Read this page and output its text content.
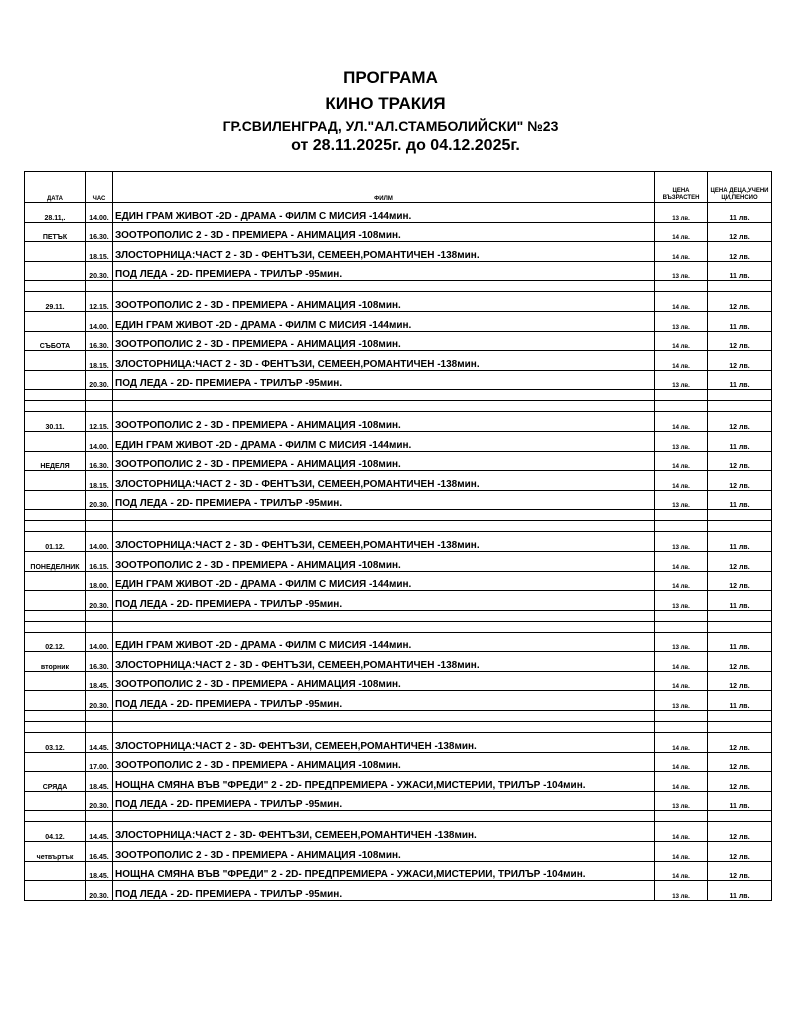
ПРОГРАМА
КИНО ТРАКИЯ
ГР.СВИЛЕНГРАД, УЛ."АЛ.СТАМБОЛИЙСКИ" №23
от 28.11.2025г. до 04.12.2025г.
ДАТА	ЧАС	ФИЛМ	ЦЕНА ВЪЗРАСТЕН	ЦЕНА ДЕЦА,УЧЕНИ ЦИ,ПЕНСИО
28.11,.	14.00.	ЕДИН ГРАМ ЖИВОТ -2D - ДРАМА - ФИЛМ С МИСИЯ -144мин.	13 лв.	11 лв.
ПЕТЪК	16.30.	ЗООТРОПОЛИС 2 - 3D - ПРЕМИЕРА - АНИМАЦИЯ -108мин.	14 лв.	12 лв.
	18.15.	ЗЛОСТОРНИЦА:ЧАСТ 2 - 3D - ФЕНТЪЗИ, СЕМЕЕН,РОМАНТИЧЕН -138мин.	14 лв.	12 лв.
	20.30.	ПОД ЛЕДА - 2D- ПРЕМИЕРА - ТРИЛЪР -95мин.	13 лв.	11 лв.

29.11.	12.15.	ЗООТРОПОЛИС 2 - 3D - ПРЕМИЕРА - АНИМАЦИЯ -108мин.	14 лв.	12 лв.
	14.00.	ЕДИН ГРАМ ЖИВОТ -2D - ДРАМА - ФИЛМ С МИСИЯ -144мин.	13 лв.	11 лв.
СЪБОТА	16.30.	ЗООТРОПОЛИС 2 - 3D - ПРЕМИЕРА - АНИМАЦИЯ -108мин.	14 лв.	12 лв.
	18.15.	ЗЛОСТОРНИЦА:ЧАСТ 2 - 3D - ФЕНТЪЗИ, СЕМЕЕН,РОМАНТИЧЕН -138мин.	14 лв.	12 лв.
	20.30.	ПОД ЛЕДА - 2D- ПРЕМИЕРА - ТРИЛЪР -95мин.	13 лв.	11 лв.

30.11.	12.15.	ЗООТРОПОЛИС 2 - 3D - ПРЕМИЕРА - АНИМАЦИЯ -108мин.	14 лв.	12 лв.
	14.00.	ЕДИН ГРАМ ЖИВОТ -2D - ДРАМА - ФИЛМ С МИСИЯ -144мин.	13 лв.	11 лв.
НЕДЕЛЯ	16.30.	ЗООТРОПОЛИС 2 - 3D - ПРЕМИЕРА - АНИМАЦИЯ -108мин.	14 лв.	12 лв.
	18.15.	ЗЛОСТОРНИЦА:ЧАСТ 2 - 3D - ФЕНТЪЗИ, СЕМЕЕН,РОМАНТИЧЕН -138мин.	14 лв.	12 лв.
	20.30.	ПОД ЛЕДА - 2D- ПРЕМИЕРА - ТРИЛЪР -95мин.	13 лв.	11 лв.

01.12.	14.00.	ЗЛОСТОРНИЦА:ЧАСТ 2 - 3D - ФЕНТЪЗИ, СЕМЕЕН,РОМАНТИЧЕН -138мин.	13 лв.	11 лв.
ПОНЕДЕЛНИК	16.15.	ЗООТРОПОЛИС 2 - 3D - ПРЕМИЕРА - АНИМАЦИЯ -108мин.	14 лв.	12 лв.
	18.00.	ЕДИН ГРАМ ЖИВОТ -2D - ДРАМА - ФИЛМ С МИСИЯ -144мин.	14 лв.	12 лв.
	20.30.	ПОД ЛЕДА - 2D- ПРЕМИЕРА - ТРИЛЪР -95мин.	13 лв.	11 лв.

02.12.	14.00.	ЕДИН ГРАМ ЖИВОТ -2D - ДРАМА - ФИЛМ С МИСИЯ -144мин.	13 лв.	11 лв.
вторник	16.30.	ЗЛОСТОРНИЦА:ЧАСТ 2 - 3D - ФЕНТЪЗИ, СЕМЕЕН,РОМАНТИЧЕН -138мин.	14 лв.	12 лв.
	18.45.	ЗООТРОПОЛИС 2 - 3D - ПРЕМИЕРА - АНИМАЦИЯ -108мин.	14 лв.	12 лв.
	20.30.	ПОД ЛЕДА - 2D- ПРЕМИЕРА - ТРИЛЪР -95мин.	13 лв.	11 лв.

03.12.	14.45.	ЗЛОСТОРНИЦА:ЧАСТ 2 - 3D- ФЕНТЪЗИ, СЕМЕЕН,РОМАНТИЧЕН -138мин.	14 лв.	12 лв.
	17.00.	ЗООТРОПОЛИС 2 - 3D - ПРЕМИЕРА - АНИМАЦИЯ -108мин.	14 лв.	12 лв.
СРЯДА	18.45.	НОЩНА СМЯНА ВЪВ "ФРЕДИ" 2 - 2D- ПРЕДПРЕМИЕРА - УЖАСИ,МИСТЕРИИ, ТРИЛЪР -104мин.	14 лв.	12 лв.
	20.30.	ПОД ЛЕДА - 2D- ПРЕМИЕРА - ТРИЛЪР -95мин.	13 лв.	11 лв.

04.12.	14.45.	ЗЛОСТОРНИЦА:ЧАСТ 2 - 3D- ФЕНТЪЗИ, СЕМЕЕН,РОМАНТИЧЕН -138мин.	14 лв.	12 лв.
четвъртък	16.45.	ЗООТРОПОЛИС 2 - 3D - ПРЕМИЕРА - АНИМАЦИЯ -108мин.	14 лв.	12 лв.
	18.45.	НОЩНА СМЯНА ВЪВ "ФРЕДИ" 2 - 2D- ПРЕДПРЕМИЕРА - УЖАСИ,МИСТЕРИИ, ТРИЛЪР -104мин.	14 лв.	12 лв.
	20.30.	ПОД ЛЕДА - 2D- ПРЕМИЕРА - ТРИЛЪР -95мин.	13 лв.	11 лв.
